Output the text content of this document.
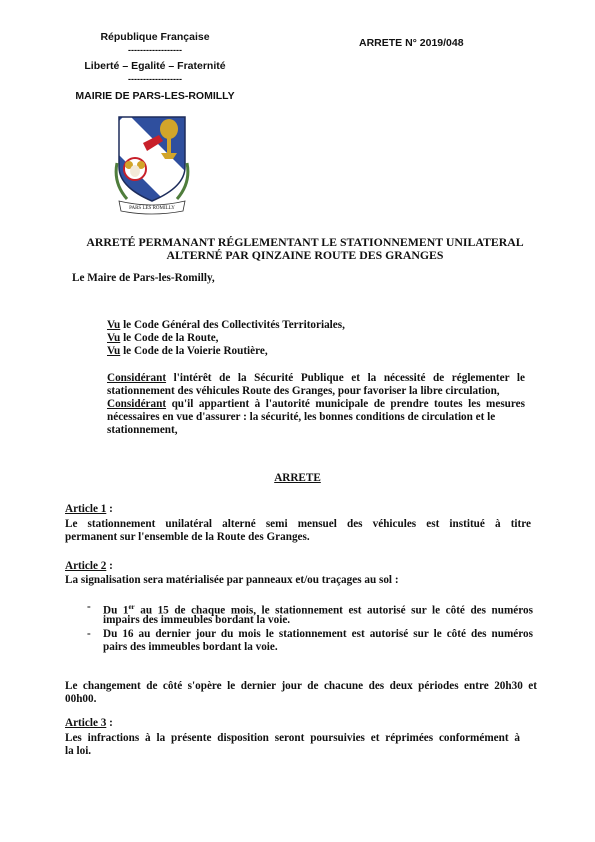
République Française
------------------
Liberté – Egalité – Fraternité
------------------
MAIRIE DE PARS-LES-ROMILLY
ARRETE N° 2019/048
PARS LES ROMILLY
ARRETÉ PERMANANT RÉGLEMENTANT LE STATIONNEMENT UNILATERAL
ALTERNÉ PAR QINZAINE ROUTE DES GRANGES
Le Maire de Pars-les-Romilly,
Vu le Code Général des Collectivités Territoriales,
Vu le Code de la Route,
Vu le Code de la Voierie Routière,
Considérant l'intérêt de la Sécurité Publique et la nécessité de réglementer le
stationnement des véhicules Route des Granges, pour favoriser la libre circulation,
Considérant qu'il appartient à l'autorité municipale de prendre toutes les mesures
nécessaires en vue d'assurer : la sécurité, les bonnes conditions de circulation et le
stationnement,
ARRETE
Article 1 :
Le stationnement unilatéral alterné semi mensuel des véhicules est institué à titre
permanent sur l'ensemble de la Route des Granges.
Article 2 :
La signalisation sera matérialisée par panneaux et/ou traçages au sol :
- Du 1er au 15 de chaque mois, le stationnement est autorisé sur le côté des numéros
impairs des immeubles bordant la voie.
- Du 16 au dernier jour du mois le stationnement est autorisé sur le côté des numéros
pairs des immeubles bordant la voie.
Le changement de côté s'opère le dernier jour de chacune des deux périodes entre 20h30 et
00h00.
Article 3 :
Les infractions à la présente disposition seront poursuivies et réprimées conformément à
la loi.
